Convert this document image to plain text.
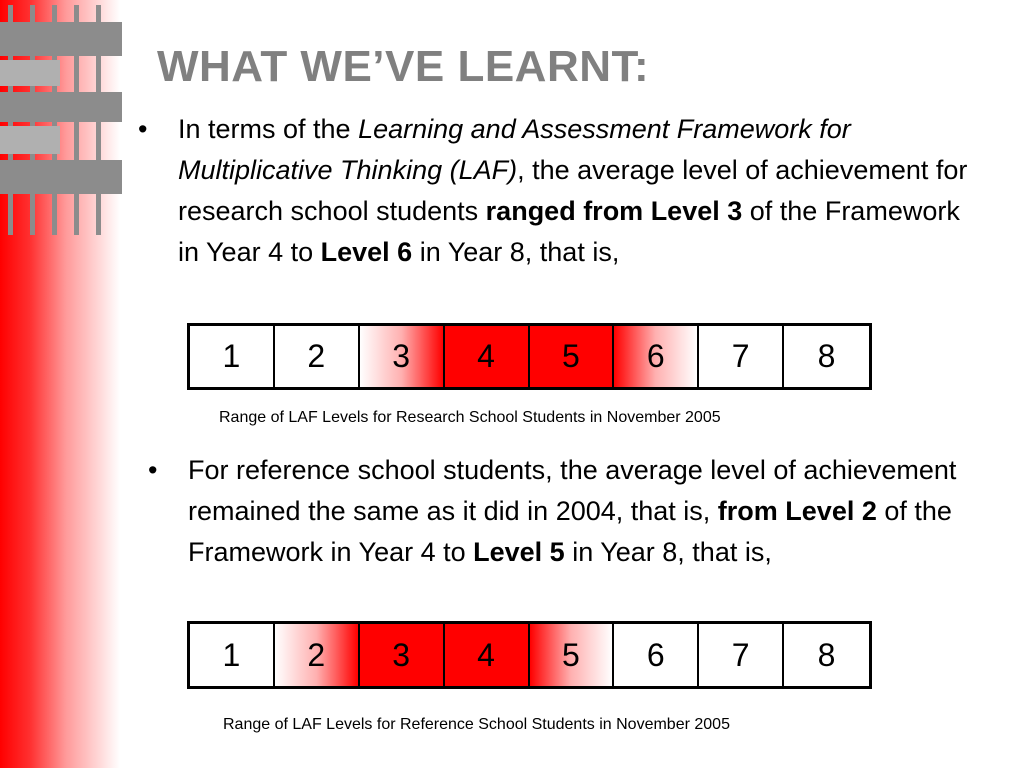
WHAT WE’VE LEARNT:
• In terms of the Learning and Assessment Framework for Multiplicative Thinking (LAF), the average level of achievement for research school students ranged from Level 3 of the Framework in Year 4 to Level 6 in Year 8, that is,
1	2	3	4	5	6	7	8
Range of LAF Levels for Research School Students in November 2005
• For reference school students, the average level of achievement remained the same as it did in 2004, that is, from Level 2 of the Framework in Year 4 to Level 5 in Year 8, that is,
1	2	3	4	5	6	7	8
Range of LAF Levels for Reference School Students in November 2005
